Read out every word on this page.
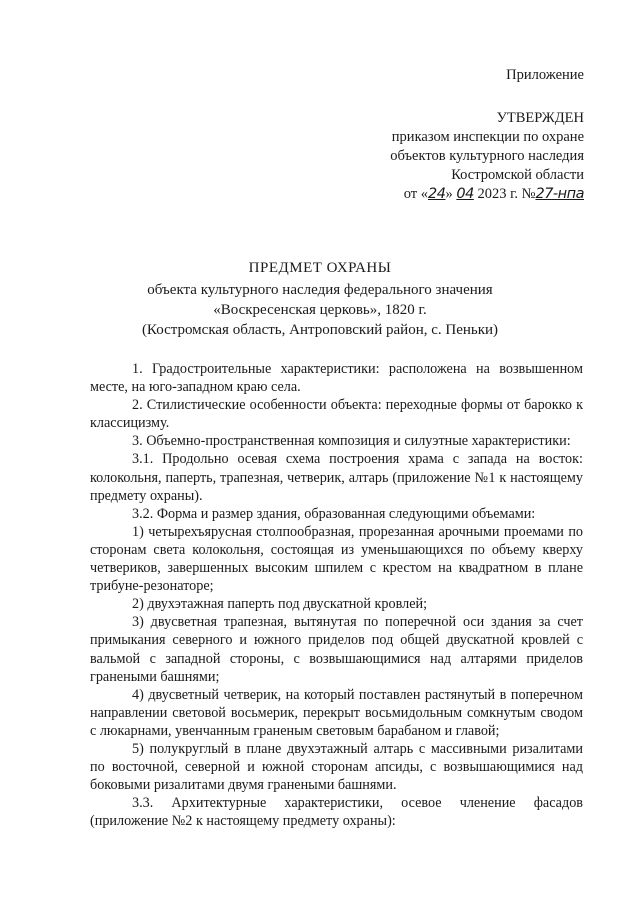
Приложение
УТВЕРЖДЕН
приказом инспекции по охране
объектов культурного наследия
Костромской области
от «24» 04 2023 г. №27-нпа
ПРЕДМЕТ ОХРАНЫ
объекта культурного наследия федерального значения
«Воскресенская церковь», 1820 г.
(Костромская область, Антроповский район, с. Пеньки)

1. Градостроительные характеристики: расположена на возвышенном месте, на юго-западном краю села.

2. Стилистические особенности объекта: переходные формы от барокко к классицизму.

3. Объемно-пространственная композиция и силуэтные характеристики:

3.1. Продольно осевая схема построения храма с запада на восток: колокольня, паперть, трапезная, четверик, алтарь (приложение №1 к настоящему предмету охраны).

3.2. Форма и размер здания, образованная следующими объемами:

1) четырехъярусная столпообразная, прорезанная арочными проемами по сторонам света колокольня, состоящая из уменьшающихся по объему кверху четвериков, завершенных высоким шпилем с крестом на квадратном в плане трибуне-резонаторе;

2) двухэтажная паперть под двускатной кровлей;

3) двусветная трапезная, вытянутая по поперечной оси здания за счет примыкания северного и южного приделов под общей двускатной кровлей с вальмой с западной стороны, с возвышающимися над алтарями приделов гранеными башнями;

4) двусветный четверик, на который поставлен растянутый в поперечном направлении световой восьмерик, перекрыт восьмидольным сомкнутым сводом с люкарнами, увенчанным граненым световым барабаном и главой;

5) полукруглый в плане двухэтажный алтарь с массивными ризалитами по восточной, северной и южной сторонам апсиды, с возвышающимися над боковыми ризалитами двумя гранеными башнями.

3.3. Архитектурные характеристики, осевое членение фасадов (приложение №2 к настоящему предмету охраны):
